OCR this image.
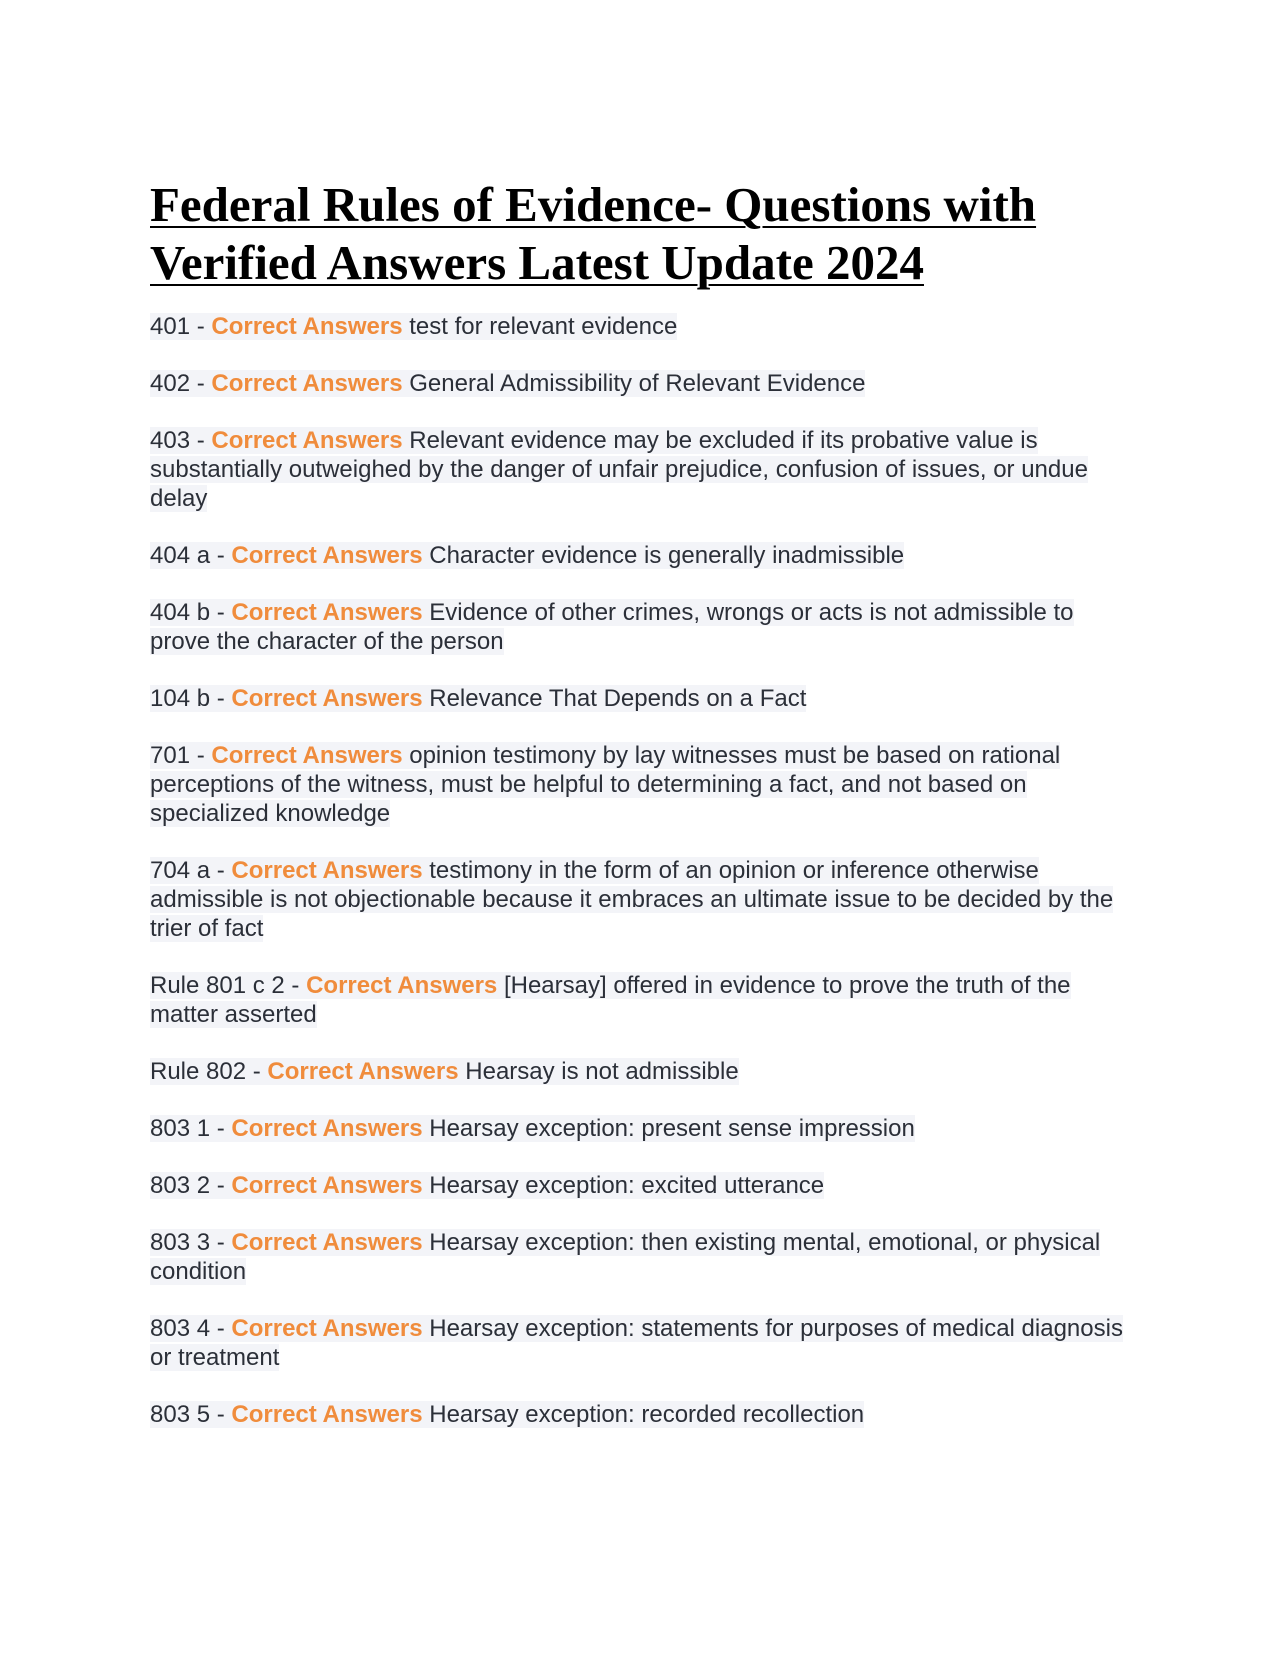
Federal Rules of Evidence- Questions with Verified Answers Latest Update 2024
401 - Correct Answers test for relevant evidence
402 - Correct Answers General Admissibility of Relevant Evidence
403 - Correct Answers Relevant evidence may be excluded if its probative value is substantially outweighed by the danger of unfair prejudice, confusion of issues, or undue delay
404 a - Correct Answers Character evidence is generally inadmissible
404 b - Correct Answers Evidence of other crimes, wrongs or acts is not admissible to prove the character of the person
104 b - Correct Answers Relevance That Depends on a Fact
701 - Correct Answers opinion testimony by lay witnesses must be based on rational perceptions of the witness, must be helpful to determining a fact, and not based on specialized knowledge
704 a - Correct Answers testimony in the form of an opinion or inference otherwise admissible is not objectionable because it embraces an ultimate issue to be decided by the trier of fact
Rule 801 c 2 - Correct Answers [Hearsay] offered in evidence to prove the truth of the matter asserted
Rule 802 - Correct Answers Hearsay is not admissible
803 1 - Correct Answers Hearsay exception: present sense impression
803 2 - Correct Answers Hearsay exception: excited utterance
803 3 - Correct Answers Hearsay exception: then existing mental, emotional, or physical condition
803 4 - Correct Answers Hearsay exception: statements for purposes of medical diagnosis or treatment
803 5 - Correct Answers Hearsay exception: recorded recollection
